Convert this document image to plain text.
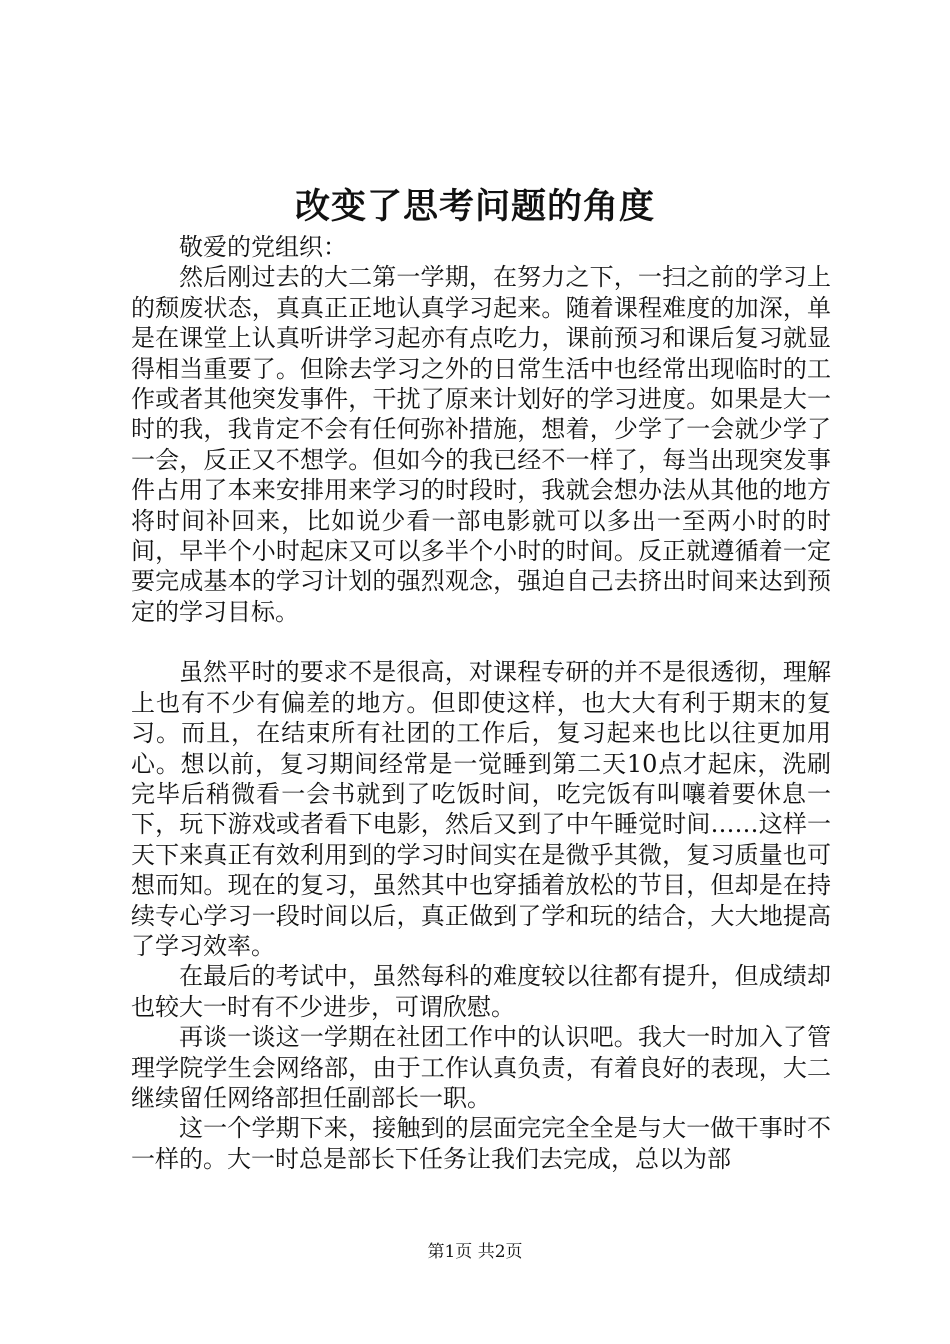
改变了思考问题的角度

敬爱的党组织：

然后刚过去的大二第一学期，在努力之下，一扫之前的学习上的颓废状态，真真正正地认真学习起来。随着课程难度的加深，单是在课堂上认真听讲学习起亦有点吃力，课前预习和课后复习就显得相当重要了。但除去学习之外的日常生活中也经常出现临时的工作或者其他突发事件，干扰了原来计划好的学习进度。如果是大一时的我，我肯定不会有任何弥补措施，想着，少学了一会就少学了一会，反正又不想学。但如今的我已经不一样了，每当出现突发事件占用了本来安排用来学习的时段时，我就会想办法从其他的地方将时间补回来，比如说少看一部电影就可以多出一至两小时的时间，早半个小时起床又可以多半个小时的时间。反正就遵循着一定要完成基本的学习计划的强烈观念，强迫自己去挤出时间来达到预定的学习目标。

虽然平时的要求不是很高，对课程专研的并不是很透彻，理解上也有不少有偏差的地方。但即使这样，也大大有利于期末的复习。而且，在结束所有社团的工作后，复习起来也比以往更加用心。想以前，复习期间经常是一觉睡到第二天10点才起床，洗刷完毕后稍微看一会书就到了吃饭时间，吃完饭有叫嚷着要休息一下，玩下游戏或者看下电影，然后又到了中午睡觉时间……这样一天下来真正有效利用到的学习时间实在是微乎其微，复习质量也可想而知。现在的复习，虽然其中也穿插着放松的节目，但却是在持续专心学习一段时间以后，真正做到了学和玩的结合，大大地提高了学习效率。

在最后的考试中，虽然每科的难度较以往都有提升，但成绩却也较大一时有不少进步，可谓欣慰。

再谈一谈这一学期在社团工作中的认识吧。我大一时加入了管理学院学生会网络部，由于工作认真负责，有着良好的表现，大二继续留任网络部担任副部长一职。

这一个学期下来，接触到的层面完完全全是与大一做干事时不一样的。大一时总是部长下任务让我们去完成，总以为部

第1页 共2页
